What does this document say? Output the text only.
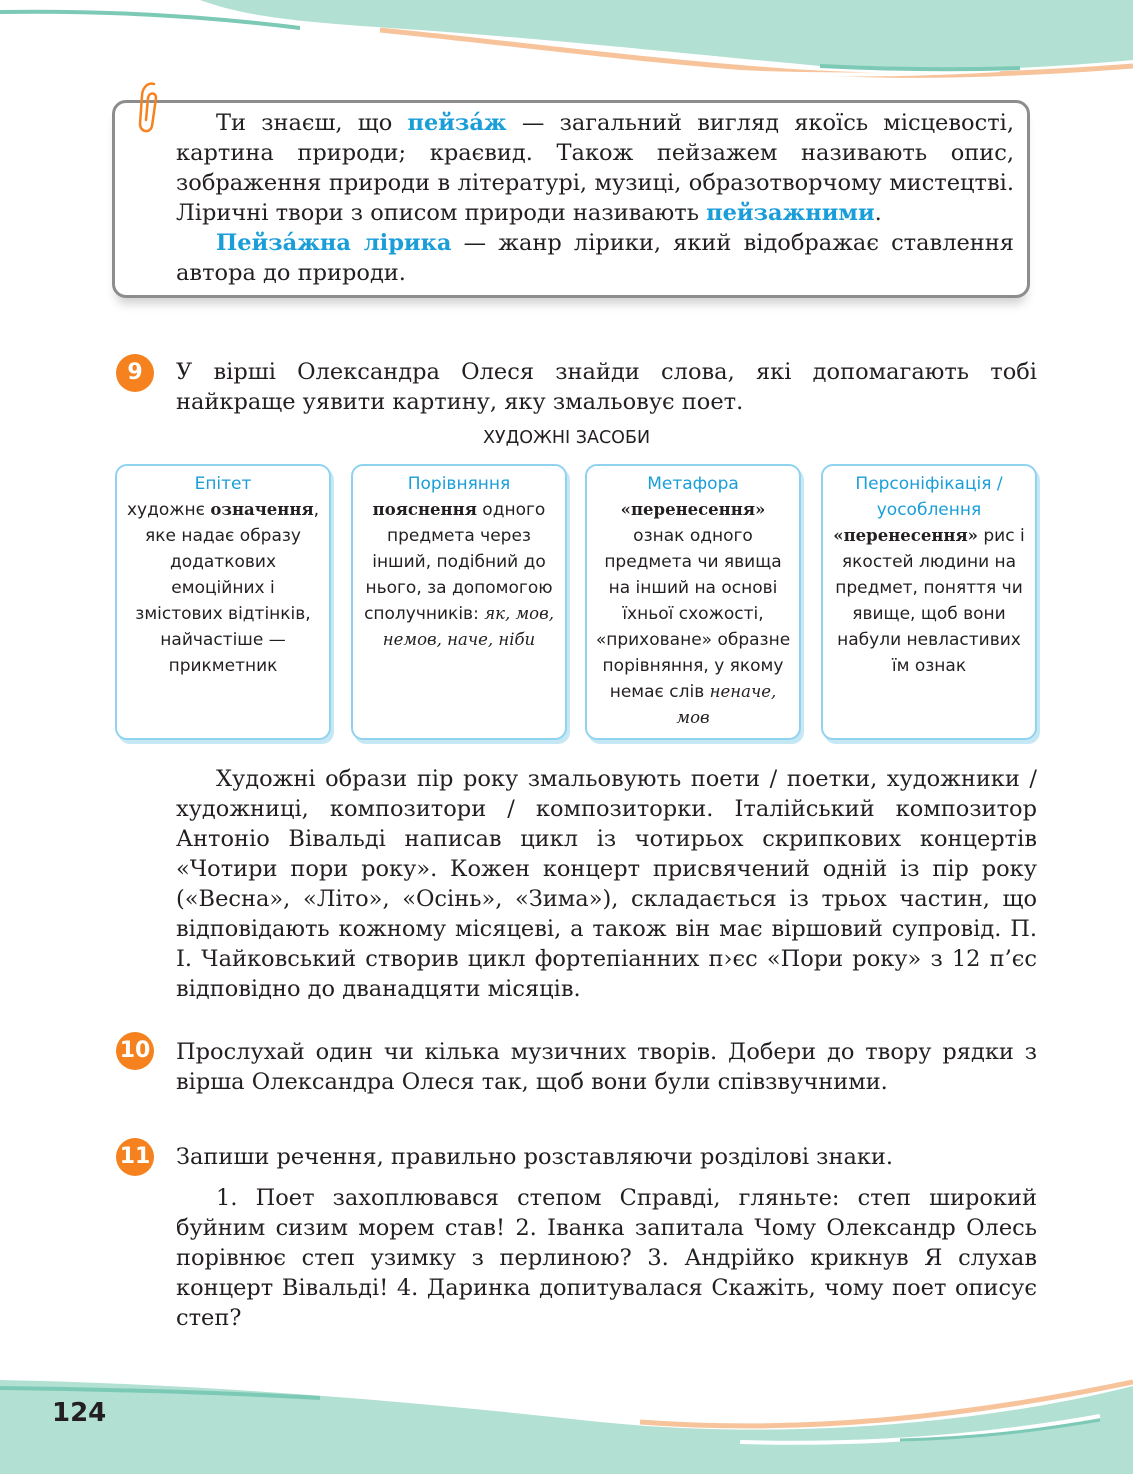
Ти знаєш, що пейза́ж — загальний вигляд якоїсь місцевості, картина природи; краєвид. Також пейзажем називають опис, зображення природи в літературі, музиці, образотворчому мистецтві. Ліричні твори з описом природи називають пейзажними.

Пейза́жна лірика — жанр лірики, який відображає ставлення автора до природи.

9	У вірші Олександра Олеся знайди слова, які допомагають тобі найкраще уявити картину, яку змальовує поет.

ХУДОЖНІ ЗАСОБИ
Епітет
художнє означення, яке надає образу додаткових емоційних і змістових відтінків, найчастіше — прикметник
Порівняння
пояснення одного предмета через інший, подібний до нього, за допомогою сполучників: як, мов, немов, наче, ніби
Метафора
«перенесення» ознак одного предмета чи явища на інший на основі їхньої схожості, «приховане» образне порівняння, у якому немає слів неначе, мов
Персоніфікація / уособлення
«перенесення» рис і якостей людини на предмет, поняття чи явище, щоб вони набули невластивих їм ознак

Художні образи пір року змальовують поети / поетки, художники / художниці, композитори / композиторки. Італійський композитор Антоніо Вівальді написав цикл із чотирьох скрипкових концертів «Чотири пори року». Кожен концерт присвячений одній із пір року («Весна», «Літо», «Осінь», «Зима»), складається із трьох частин, що відповідають кожному місяцеві, а також він має віршовий супровід. П. І. Чайковський створив цикл фортепіанних п›єс «Пори року» з 12 п’єс відповідно до дванадцяти місяців.

10 Прослухай один чи кілька музичних творів. Добери до твору рядки з вірша Олександра Олеся так, щоб вони були співзвучними.

11 Запиши речення, правильно розставляючи розділові знаки.

1. Поет захоплювався степом Справді, гляньте: степ широкий буйним сизим морем став! 2. Іванка запитала Чому Олександр Олесь порівнює степ узимку з перлиною? 3. Андрійко крикнув Я слухав концерт Вівальді! 4. Даринка допитувалася Скажіть, чому поет описує степ?

124
